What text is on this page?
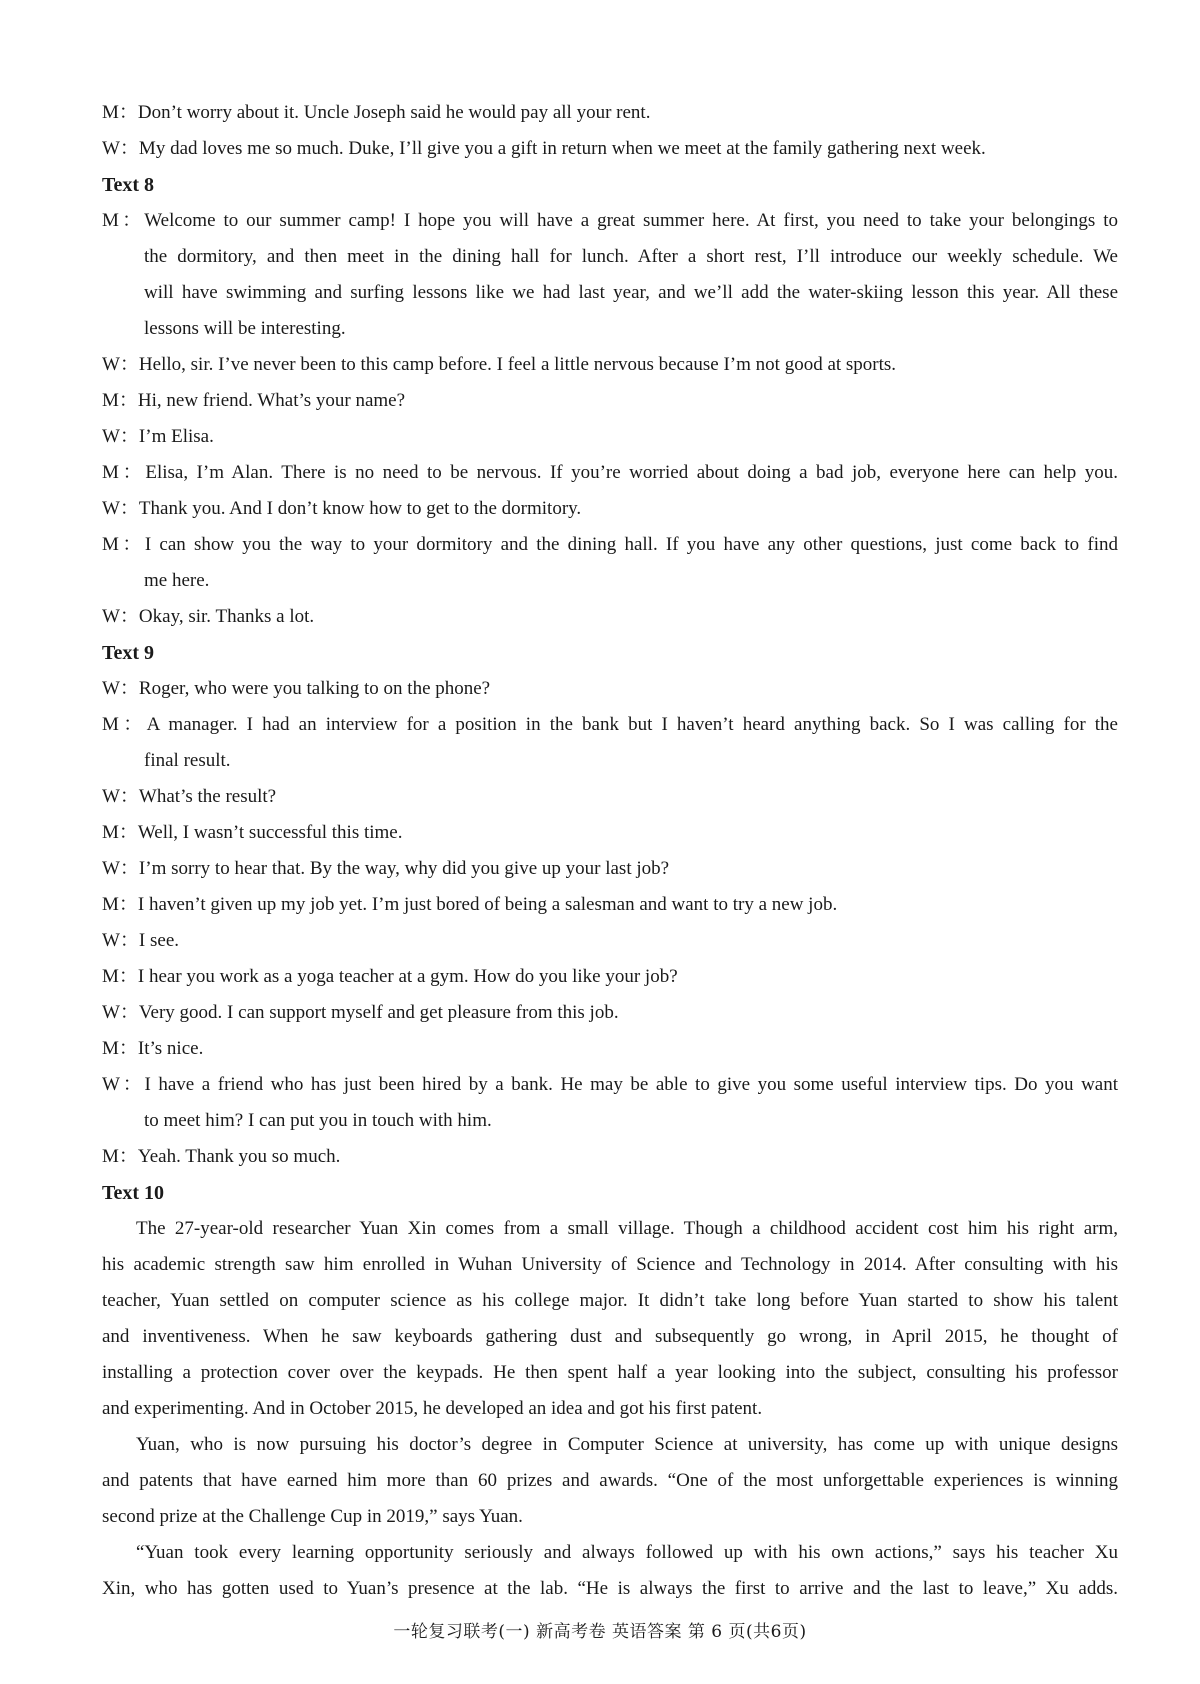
M：Don’t worry about it. Uncle Joseph said he would pay all your rent.
W：My dad loves me so much. Duke, I’ll give you a gift in return when we meet at the family gathering next week.
Text 8
M：Welcome to our summer camp! I hope you will have a great summer here. At first, you need to take your belongings to
the dormitory, and then meet in the dining hall for lunch. After a short rest, I’ll introduce our weekly schedule. We
will have swimming and surfing lessons like we had last year, and we’ll add the water-skiing lesson this year. All these
lessons will be interesting.
W：Hello, sir. I’ve never been to this camp before. I feel a little nervous because I’m not good at sports.
M：Hi, new friend. What’s your name?
W：I’m Elisa.
M：Elisa, I’m Alan. There is no need to be nervous. If you’re worried about doing a bad job, everyone here can help you.
W：Thank you. And I don’t know how to get to the dormitory.
M：I can show you the way to your dormitory and the dining hall. If you have any other questions, just come back to find
me here.
W：Okay, sir. Thanks a lot.
Text 9
W：Roger, who were you talking to on the phone?
M：A manager. I had an interview for a position in the bank but I haven’t heard anything back. So I was calling for the
final result.
W：What’s the result?
M：Well, I wasn’t successful this time.
W：I’m sorry to hear that. By the way, why did you give up your last job?
M：I haven’t given up my job yet. I’m just bored of being a salesman and want to try a new job.
W：I see.
M：I hear you work as a yoga teacher at a gym. How do you like your job?
W：Very good. I can support myself and get pleasure from this job.
M：It’s nice.
W：I have a friend who has just been hired by a bank. He may be able to give you some useful interview tips. Do you want
to meet him? I can put you in touch with him.
M：Yeah. Thank you so much.
Text 10
The 27-year-old researcher Yuan Xin comes from a small village. Though a childhood accident cost him his right arm,
his academic strength saw him enrolled in Wuhan University of Science and Technology in 2014. After consulting with his
teacher, Yuan settled on computer science as his college major. It didn’t take long before Yuan started to show his talent
and inventiveness. When he saw keyboards gathering dust and subsequently go wrong, in April 2015, he thought of
installing a protection cover over the keypads. He then spent half a year looking into the subject, consulting his professor
and experimenting. And in October 2015, he developed an idea and got his first patent.
Yuan, who is now pursuing his doctor’s degree in Computer Science at university, has come up with unique designs
and patents that have earned him more than 60 prizes and awards. “One of the most unforgettable experiences is winning
second prize at the Challenge Cup in 2019,” says Yuan.
“Yuan took every learning opportunity seriously and always followed up with his own actions,” says his teacher Xu
Xin, who has gotten used to Yuan’s presence at the lab. “He is always the first to arrive and the last to leave,” Xu adds.
一轮复习联考(一) 新高考卷 英语答案 第 6 页(共6页)
